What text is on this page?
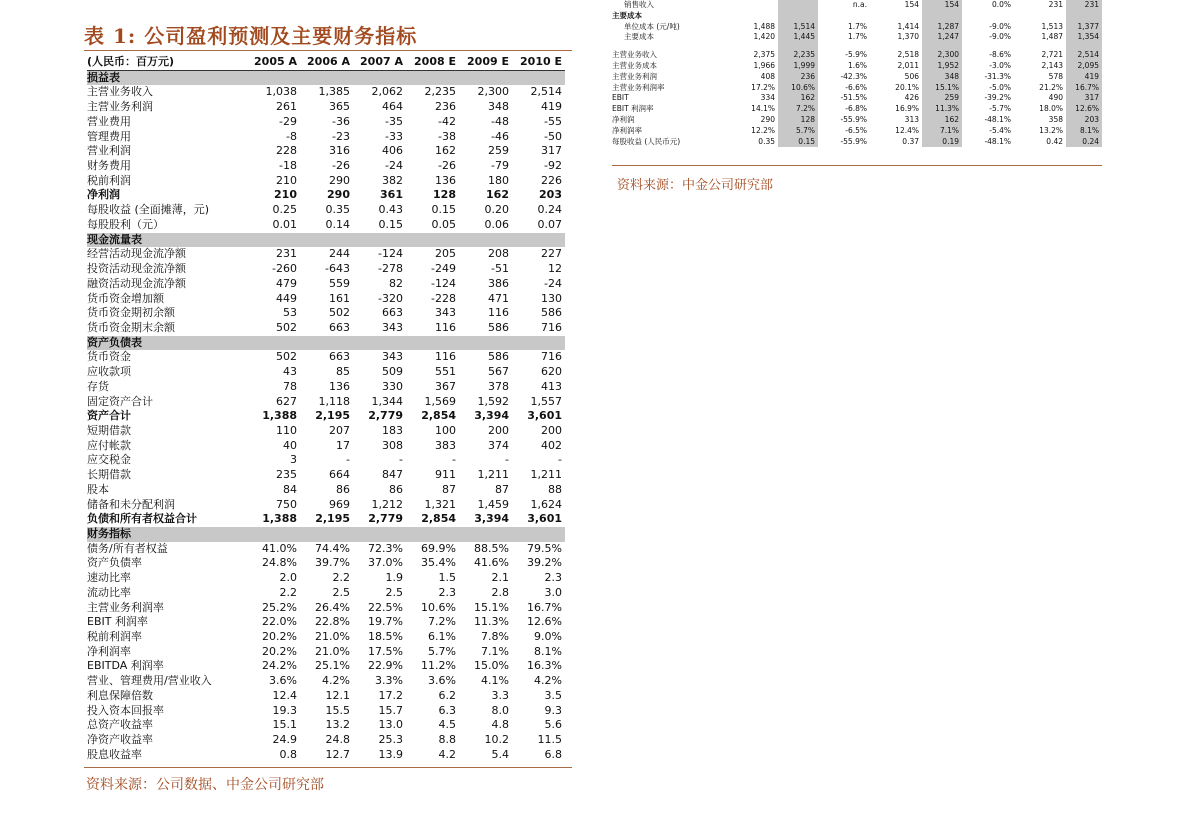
表 1: 公司盈利预测及主要财务指标
(人民币：百万元)	2005 A	2006 A	2007 A	2008 E	2009 E	2010 E
损益表						
主营业务收入	1,038	1,385	2,062	2,235	2,300	2,514
主营业务利润	261	365	464	236	348	419
营业费用	-29	-36	-35	-42	-48	-55
管理费用	-8	-23	-33	-38	-46	-50
营业利润	228	316	406	162	259	317
财务费用	-18	-26	-24	-26	-79	-92
税前利润	210	290	382	136	180	226
净利润	210	290	361	128	162	203
每股收益 (全面摊薄，元)	0.25	0.35	0.43	0.15	0.20	0.24
每股股利（元）	0.01	0.14	0.15	0.05	0.06	0.07
现金流量表						
经营活动现金流净额	231	244	-124	205	208	227
投资活动现金流净额	-260	-643	-278	-249	-51	12
融资活动现金流净额	479	559	82	-124	386	-24
货币资金增加额	449	161	-320	-228	471	130
货币资金期初余额	53	502	663	343	116	586
货币资金期末余额	502	663	343	116	586	716
资产负债表						
货币资金	502	663	343	116	586	716
应收款项	43	85	509	551	567	620
存货	78	136	330	367	378	413
固定资产合计	627	1,118	1,344	1,569	1,592	1,557
资产合计	1,388	2,195	2,779	2,854	3,394	3,601
短期借款	110	207	183	100	200	200
应付帐款	40	17	308	383	374	402
应交税金	3	-	-	-	-	-
长期借款	235	664	847	911	1,211	1,211
股本	84	86	86	87	87	88
储备和未分配利润	750	969	1,212	1,321	1,459	1,624
负债和所有者权益合计	1,388	2,195	2,779	2,854	3,394	3,601
财务指标						
债务/所有者权益	41.0%	74.4%	72.3%	69.9%	88.5%	79.5%
资产负债率	24.8%	39.7%	37.0%	35.4%	41.6%	39.2%
速动比率	2.0	2.2	1.9	1.5	2.1	2.3
流动比率	2.2	2.5	2.5	2.3	2.8	3.0
主营业务利润率	25.2%	26.4%	22.5%	10.6%	15.1%	16.7%
EBIT 利润率	22.0%	22.8%	19.7%	7.2%	11.3%	12.6%
税前利润率	20.2%	21.0%	18.5%	6.1%	7.8%	9.0%
净利润率	20.2%	21.0%	17.5%	5.7%	7.1%	8.1%
EBITDA 利润率	24.2%	25.1%	22.9%	11.2%	15.0%	16.3%
营业、管理费用/营业收入	3.6%	4.2%	3.3%	3.6%	4.1%	4.2%
利息保障倍数	12.4	12.1	17.2	6.2	3.3	3.5
投入资本回报率	19.3	15.5	15.7	6.3	8.0	9.3
总资产收益率	15.1	13.2	13.0	4.5	4.8	5.6
净资产收益率	24.9	24.8	25.3	8.8	10.2	11.5
股息收益率	0.8	12.7	13.9	4.2	5.4	6.8
资料来源：公司数据、中金公司研究部
销售收入			n.a.	154	154	0.0%	231	231		
主要成本										
单位成本 (元/吨)	1,488	1,514	1.7%	1,414	1,287	-9.0%	1,513	1,377		
主要成本	1,420	1,445	1.7%	1,370	1,247	-9.0%	1,487	1,354		

主营业务收入	2,375	2,235	-5.9%	2,518	2,300	-8.6%	2,721	2,514		
主营业务成本	1,966	1,999	1.6%	2,011	1,952	-3.0%	2,143	2,095		
主营业务利润	408	236	-42.3%	506	348	-31.3%	578	419		
主营业务利润率	17.2%	10.6%	-6.6%	20.1%	15.1%	-5.0%	21.2%	16.7%		
EBIT	334	162	-51.5%	426	259	-39.2%	490	317		
EBIT 利润率	14.1%	7.2%	-6.8%	16.9%	11.3%	-5.7%	18.0%	12.6%		
净利润	290	128	-55.9%	313	162	-48.1%	358	203		
净利润率	12.2%	5.7%	-6.5%	12.4%	7.1%	-5.4%	13.2%	8.1%		
每股收益 (人民币元)	0.35	0.15	-55.9%	0.37	0.19	-48.1%	0.42	0.24		
资料来源：中金公司研究部
